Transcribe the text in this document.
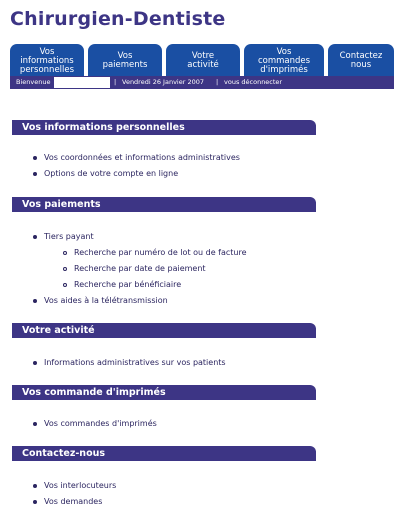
Chirurgien-Dentiste
Vos
informations
personnelles
Vos
paiements
Votre
activité
Vos
commandes
d'imprimés
Contactez
nous
Bienvenue	| Vendredi 26 Janvier 2007 | vous déconnecter
Vos informations personnelles
Vos coordonnées et informations administratives
Options de votre compte en ligne
Vos paiements
Tiers payant
Recherche par numéro de lot ou de facture
Recherche par date de paiement
Recherche par bénéficiaire
Vos aides à la télétransmission
Votre activité
Informations administratives sur vos patients
Vos commande d'imprimés
Vos commandes d'imprimés
Contactez-nous
Vos interlocuteurs
Vos demandes
